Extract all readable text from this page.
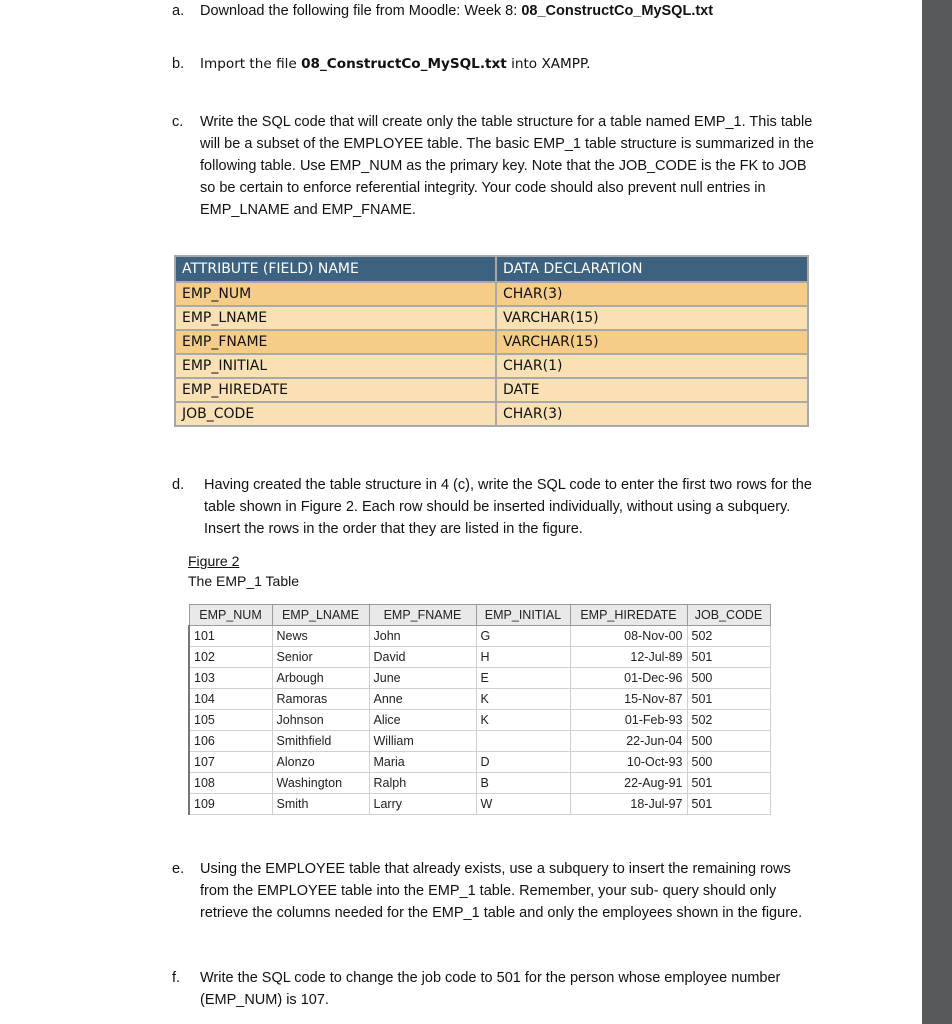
a. Download the following file from Moodle: Week 8: 08_ConstructCo_MySQL.txt
b. Import the file 08_ConstructCo_MySQL.txt into XAMPP.
c. Write the SQL code that will create only the table structure for a table named EMP_1. This table will be a subset of the EMPLOYEE table. The basic EMP_1 table structure is summarized in the following table. Use EMP_NUM as the primary key. Note that the JOB_CODE is the FK to JOB so be certain to enforce referential integrity. Your code should also prevent null entries in EMP_LNAME and EMP_FNAME.
ATTRIBUTE (FIELD) NAME	DATA DECLARATION
EMP_NUM	CHAR(3)
EMP_LNAME	VARCHAR(15)
EMP_FNAME	VARCHAR(15)
EMP_INITIAL	CHAR(1)
EMP_HIREDATE	DATE
JOB_CODE	CHAR(3)
d. Having created the table structure in 4 (c), write the SQL code to enter the first two rows for the table shown in Figure 2. Each row should be inserted individually, without using a subquery. Insert the rows in the order that they are listed in the figure.
Figure 2
The EMP_1 Table
EMP_NUM	EMP_LNAME	EMP_FNAME	EMP_INITIAL	EMP_HIREDATE	JOB_CODE
101	News	John	G	08-Nov-00	502
102	Senior	David	H	12-Jul-89	501
103	Arbough	June	E	01-Dec-96	500
104	Ramoras	Anne	K	15-Nov-87	501
105	Johnson	Alice	K	01-Feb-93	502
106	Smithfield	William		22-Jun-04	500
107	Alonzo	Maria	D	10-Oct-93	500
108	Washington	Ralph	B	22-Aug-91	501
109	Smith	Larry	W	18-Jul-97	501
e. Using the EMPLOYEE table that already exists, use a subquery to insert the remaining rows from the EMPLOYEE table into the EMP_1 table. Remember, your sub- query should only retrieve the columns needed for the EMP_1 table and only the employees shown in the figure.
f. Write the SQL code to change the job code to 501 for the person whose employee number (EMP_NUM) is 107.
